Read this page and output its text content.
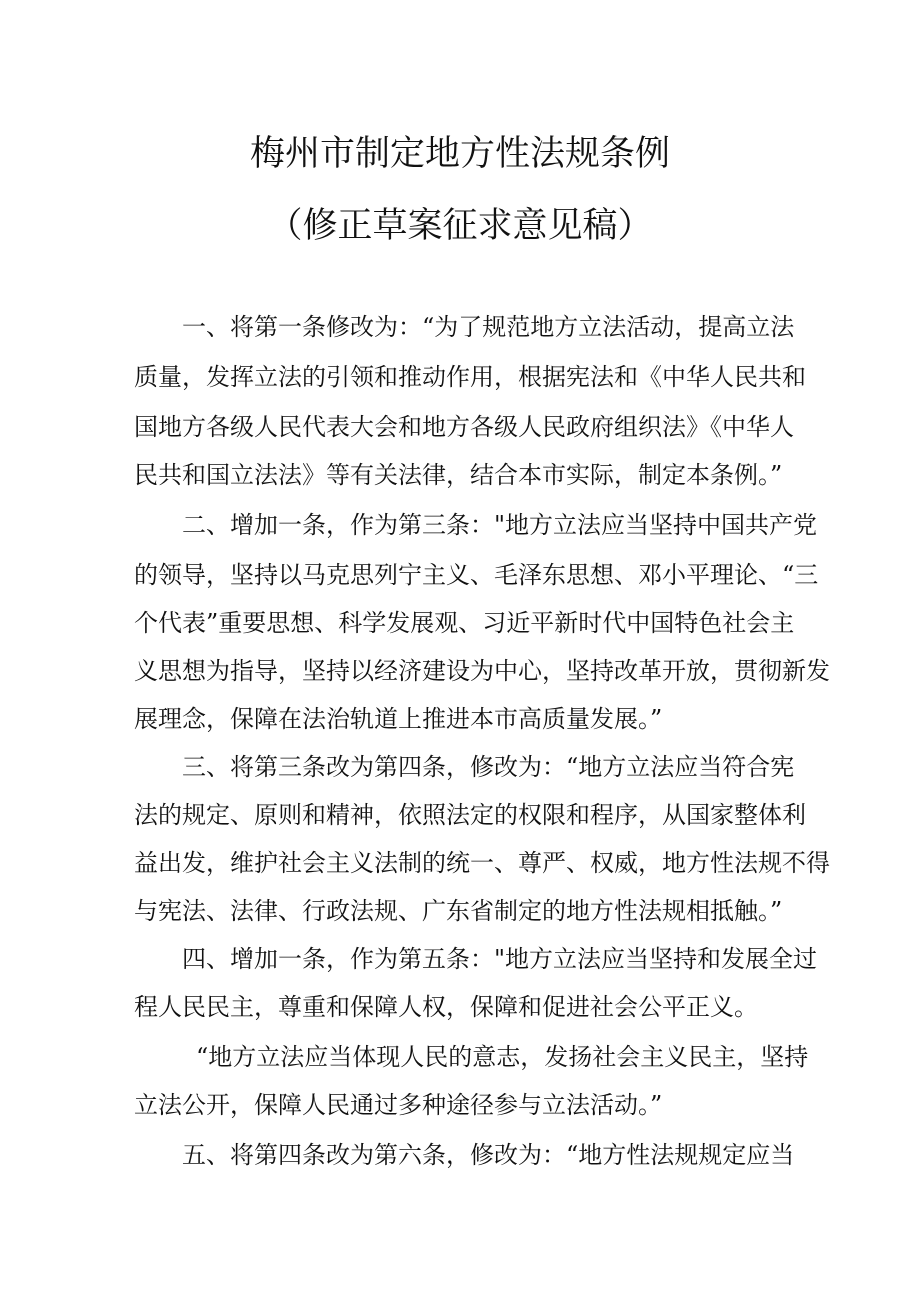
梅州市制定地方性法规条例
（修正草案征求意见稿）
一、将第一条修改为：“为了规范地方立法活动，提高立法
质量，发挥立法的引领和推动作用，根据宪法和《中华人民共和
国地方各级人民代表大会和地方各级人民政府组织法》《中华人
民共和国立法法》等有关法律，结合本市实际，制定本条例。”
二、增加一条，作为第三条："地方立法应当坚持中国共产党
的领导，坚持以马克思列宁主义、毛泽东思想、邓小平理论、“三
个代表”重要思想、科学发展观、习近平新时代中国特色社会主
义思想为指导，坚持以经济建设为中心，坚持改革开放，贯彻新发
展理念，保障在法治轨道上推进本市高质量发展。”
三、将第三条改为第四条，修改为：“地方立法应当符合宪
法的规定、原则和精神，依照法定的权限和程序，从国家整体利
益出发，维护社会主义法制的统一、尊严、权威，地方性法规不得
与宪法、法律、行政法规、广东省制定的地方性法规相抵触。”
四、增加一条，作为第五条："地方立法应当坚持和发展全过
程人民民主，尊重和保障人权，保障和促进社会公平正义。
“地方立法应当体现人民的意志，发扬社会主义民主，坚持
立法公开，保障人民通过多种途径参与立法活动。”
五、将第四条改为第六条，修改为：“地方性法规规定应当
